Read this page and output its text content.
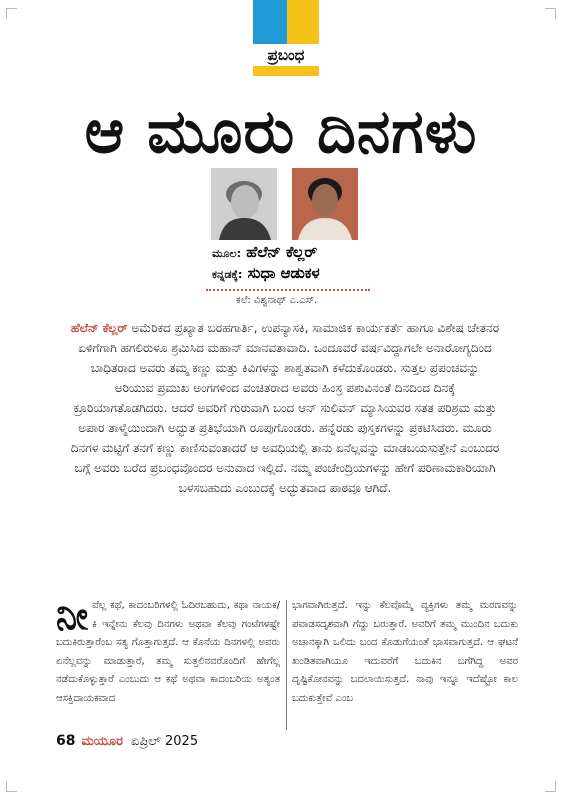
ಪ್ರಬಂಧ
ಆ ಮೂರು ದಿನಗಳು
ಮೂಲ: ಹೆಲೆನ್ ಕೆಲ್ಲರ್
ಕನ್ನಡಕ್ಕೆ: ಸುಧಾ ಆಡುಕಳ
ಕಲೆ: ವಿಶ್ವನಾಥ್ ಎ.ಎಸ್.

ಹೆಲೆನ್ ಕೆಲ್ಲರ್ ಅಮೆರಿಕದ ಪ್ರಖ್ಯಾತ ಬರಹಗಾರ್ತಿ, ಉಪನ್ಯಾಸಕಿ, ಸಾಮಾಜಿಕ ಕಾರ್ಯಕರ್ತೆ ಹಾಗೂ ವಿಶೇಷ ಚೇತನರ ಏಳಿಗೆಗಾಗಿ ಹಗಲಿರುಳೂ ಶ್ರಮಿಸಿದ ಮಹಾನ್ ಮಾನವತಾವಾದಿ. ಒಂದೂವರೆ ವರ್ಷವಿದ್ದಾಗಲೇ ಅನಾರೋಗ್ಯದಿಂದ ಬಾಧಿತರಾದ ಅವರು ತಮ್ಮ ಕಣ್ಣು ಮತ್ತು ಕಿವಿಗಳನ್ನು ಶಾಶ್ವತವಾಗಿ ಕಳೆದುಕೊಂಡರು. ಸುತ್ತಲ ಪ್ರಪಂಚವನ್ನು ಅರಿಯುವ ಪ್ರಮುಖ ಅಂಗಗಳಿಂದ ವಂಚಿತರಾದ ಅವರು ಹಿಂಸ್ರ ಪಶುವಿನಂತೆ ದಿನದಿಂದ ದಿನಕ್ಕೆ ಕ್ರೂರಿಯಾಗತೊಡಗಿದರು. ಆದರೆ ಅವರಿಗೆ ಗುರುವಾಗಿ ಬಂದ ಆನ್ ಸುಲಿವನ್ ಮ್ಯಾಸಿಯವರ ಸತತ ಪರಿಶ್ರಮ ಮತ್ತು ಅಪಾರ ತಾಳ್ಮೆಯಿಂದಾಗಿ ಅದ್ಭುತ ಪ್ರತಿಭೆಯಾಗಿ ರೂಪುಗೊಂಡರು. ಹನ್ನೆರಡು ಪುಸ್ತಕಗಳನ್ನು ಪ್ರಕಟಿಸಿದರು. ಮೂರು ದಿನಗಳ ಮಟ್ಟಿಗೆ ತನಗೆ ಕಣ್ಣು ಕಾಣಿಸುವಂತಾದರೆ ಆ ಅವಧಿಯಲ್ಲಿ ತಾನು ಏನೆಲ್ಲವನ್ನು ಮಾಡಬಯಸುತ್ತೇನೆ ಎಂಬುದರ ಬಗ್ಗೆ ಅವರು ಬರೆದ ಪ್ರಬಂಧವೊಂದರ ಅನುವಾದ ಇಲ್ಲಿದೆ. ನಮ್ಮ ಪಂಚೇಂದ್ರಿಯಗಳನ್ನು ಹೇಗೆ ಪರಿಣಾಮಕಾರಿಯಾಗಿ ಬಳಸಬಹುದು ಎಂಬುದಕ್ಕೆ ಅದ್ಭುತವಾದ ಪಾಠವೂ ಆಗಿದೆ.

ನೀವೆಲ್ಲ ಕಥೆ, ಕಾದಂಬರಿಗಳಲ್ಲಿ ಓದಿರಬಹುದು, ಕಥಾ ನಾಯಕ/ಕಿ ಇನ್ನೇನು ಕೆಲವು ದಿನಗಳು ಅಥವಾ ಕೆಲವು ಗಂಟೆಗಳಷ್ಟೇ ಬದುಕಿರುತ್ತಾರೆಂಬ ಸತ್ಯ ಗೊತ್ತಾಗುತ್ತದೆ. ಆ ಕೊನೆಯ ದಿನಗಳಲ್ಲಿ ಅವರು ಏನೆಲ್ಲವನ್ನು ಮಾಡುತ್ತಾರೆ, ತಮ್ಮ ಸುತ್ತಲಿನವರೊಂದಿಗೆ ಹೇಗೆಲ್ಲ ನಡೆದುಕೊಳ್ಳುತ್ತಾರೆ ಎಂಬುದು ಆ ಕಥೆ ಅಥವಾ ಕಾದಂಬರಿಯ ಅತ್ಯಂತ ಆಸಕ್ತಿದಾಯಕವಾದ
ಭಾಗವಾಗಿರುತ್ತದೆ. ಇನ್ನು ಕೆಲವೊಮ್ಮೆ ವ್ಯಕ್ತಿಗಳು ತಮ್ಮ ಮರಣವನ್ನು ಪವಾಡಸದೃಶವಾಗಿ ಗೆದ್ದು ಬರುತ್ತಾರೆ. ಅವರಿಗೆ ತಮ್ಮ ಮುಂದಿನ ಬದುಕು ಅಚಾನಕ್ಕಾಗಿ ಒಲಿದು ಬಂದ ಕೊಡುಗೆಯಂತೆ ಭಾಸವಾಗುತ್ತದೆ. ಆ ಘಟನೆ ಖಂಡಿತವಾಗಿಯೂ ಇದುವರೆಗೆ ಬದುಕಿನ ಬಗೆಗಿದ್ದ ಅವರ ದೃಷ್ಟಿಕೋನವನ್ನು ಬದಲಾಯಿಸುತ್ತದೆ. ನಾವು ಇನ್ನೂ ಇದೆಷ್ಟೋ ಕಾಲ ಬದುಕುತ್ತೇವೆ ಎಂಬ
68 ಮಯೂರ ಏಪ್ರಿಲ್ 2025
